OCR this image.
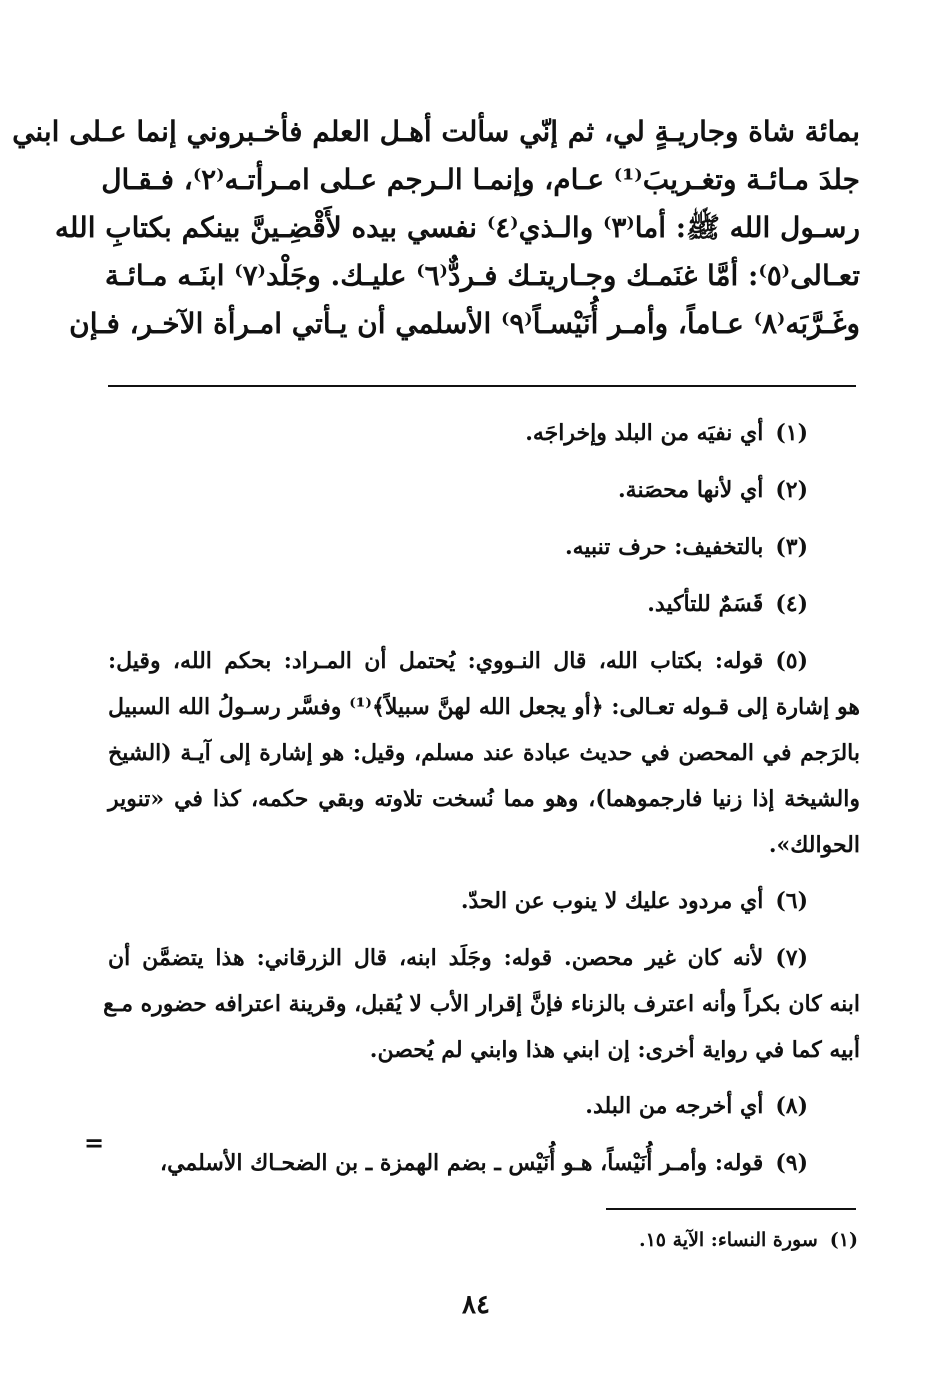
بمائة شاة وجاريـةٍ لي، ثم إنّي سألت أهـل العلم فأخـبروني إنما عـلى ابني
جلدَ مـائـة وتغـريبَ⁽¹⁾ عـام، وإنمـا الـرجم عـلى امـرأتـه⁽٢⁾، فـقـال
رسـول الله ﷺ: أما⁽٣⁾ والـذي⁽٤⁾ نفسي بيده لأَقْضِـينَّ بينكم بكتابِ الله
تعـالى⁽٥⁾: أمَّا غنَمـك وجـاريتـك فـردٌّ⁽٦⁾ عليـك. وجَلْد⁽٧⁾ ابنَـه مـائـة
وغَـرَّبَه⁽٨⁾ عـاماً، وأمـر أُنَيْسـاً⁽٩⁾ الأسلمي أن يـأتي امـرأة الآخـر، فـإن
(١)أي نفيَه من البلد وإخراجَه.
(٢)أي لأنها محصَنة.
(٣)بالتخفيف: حرف تنبيه.
(٤)قَسَمٌ للتأكيد.
(٥)قوله: بكتاب الله، قال النـووي: يُحتمل أن المـراد: بحكم الله، وقيل:
هو إشارة إلى قـوله تعـالى: ﴿أو يجعل الله لهنَّ سبيلاً﴾⁽¹⁾ وفسَّر رسـولُ الله السبيل
بالرَجم في المحصن في حديث عبادة عند مسلم، وقيل: هو إشارة إلى آيـة (الشيخ
والشيخة إذا زنيا فارجموهما)، وهو مما نُسخت تلاوته وبقي حكمه، كذا في «تنوير
الحوالك».
(٦)أي مردود عليك لا ينوب عن الحدّ.
(٧)لأنه كان غير محصن. قوله: وجَلَد ابنه، قال الزرقاني: هذا يتضمَّن أن
ابنه كان بكراً وأنه اعترف بالزناء فإنَّ إقرار الأب لا يُقبل، وقرينة اعترافه حضوره مـع
أبيه كما في رواية أخرى: إن ابني هذا وابني لم يُحصن.
(٨)أي أخرجه من البلد.
(٩)قوله: وأمـر أُنَيْساً، هـو أُنَيْس ـ بضم الهمزة ـ بن الضحـاك الأسلمي،
=
(١)سورة النساء: الآية ١٥.
٨٤
